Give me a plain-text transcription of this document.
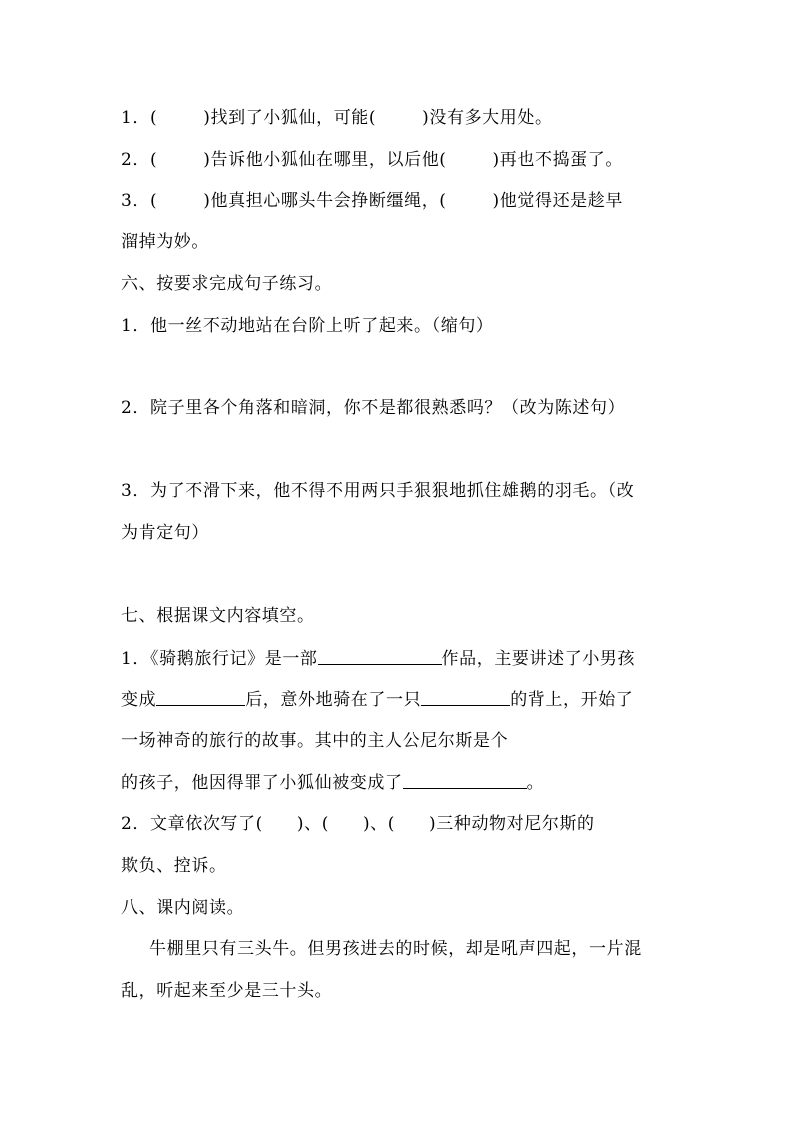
1．(	)找到了小狐仙，可能(	)没有多大用处。
2．(	)告诉他小狐仙在哪里，以后他(	)再也不捣蛋了。
3．(	)他真担心哪头牛会挣断缰绳，(	)他觉得还是趁早
溜掉为妙。
六、按要求完成句子练习。
1．他一丝不动地站在台阶上听了起来。（缩句）
2．院子里各个角落和暗洞，你不是都很熟悉吗？（改为陈述句）
3．为了不滑下来，他不得不用两只手狠狠地抓住雄鹅的羽毛。（改
为肯定句）
七、根据课文内容填空。
1．《骑鹅旅行记》是一部	作品，主要讲述了小男孩
变成	后，意外地骑在了一只	的背上，开始了
一场神奇的旅行的故事。其中的主人公尼尔斯是个
的孩子，他因得罪了小狐仙被变成了	。
2．文章依次写了( )、( )、( )三种动物对尼尔斯的
欺负、控诉。
八、课内阅读。
牛棚里只有三头牛。但男孩进去的时候，却是吼声四起，一片混
乱，听起来至少是三十头。
